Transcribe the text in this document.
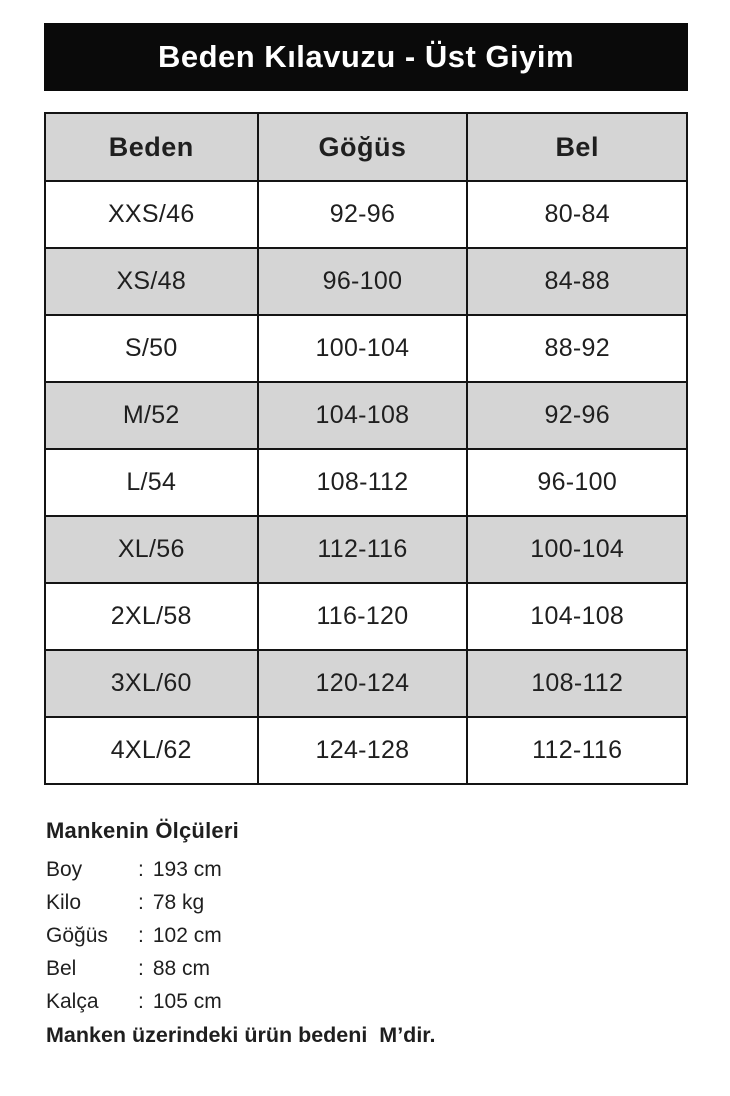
Beden Kılavuzu - Üst Giyim
Beden	Göğüs	Bel
XXS/46	92-96	80-84
XS/48	96-100	84-88
S/50	100-104	88-92
M/52	104-108	92-96
L/54	108-112	96-100
XL/56	112-116	100-104
2XL/58	116-120	104-108
3XL/60	120-124	108-112
4XL/62	124-128	112-116
Mankenin Ölçüleri
Boy	: 193 cm
Kilo	: 78 kg
Göğüs	: 102 cm
Bel	: 88 cm
Kalça	: 105 cm
Manken üzerindeki ürün bedeni  M’dir.
